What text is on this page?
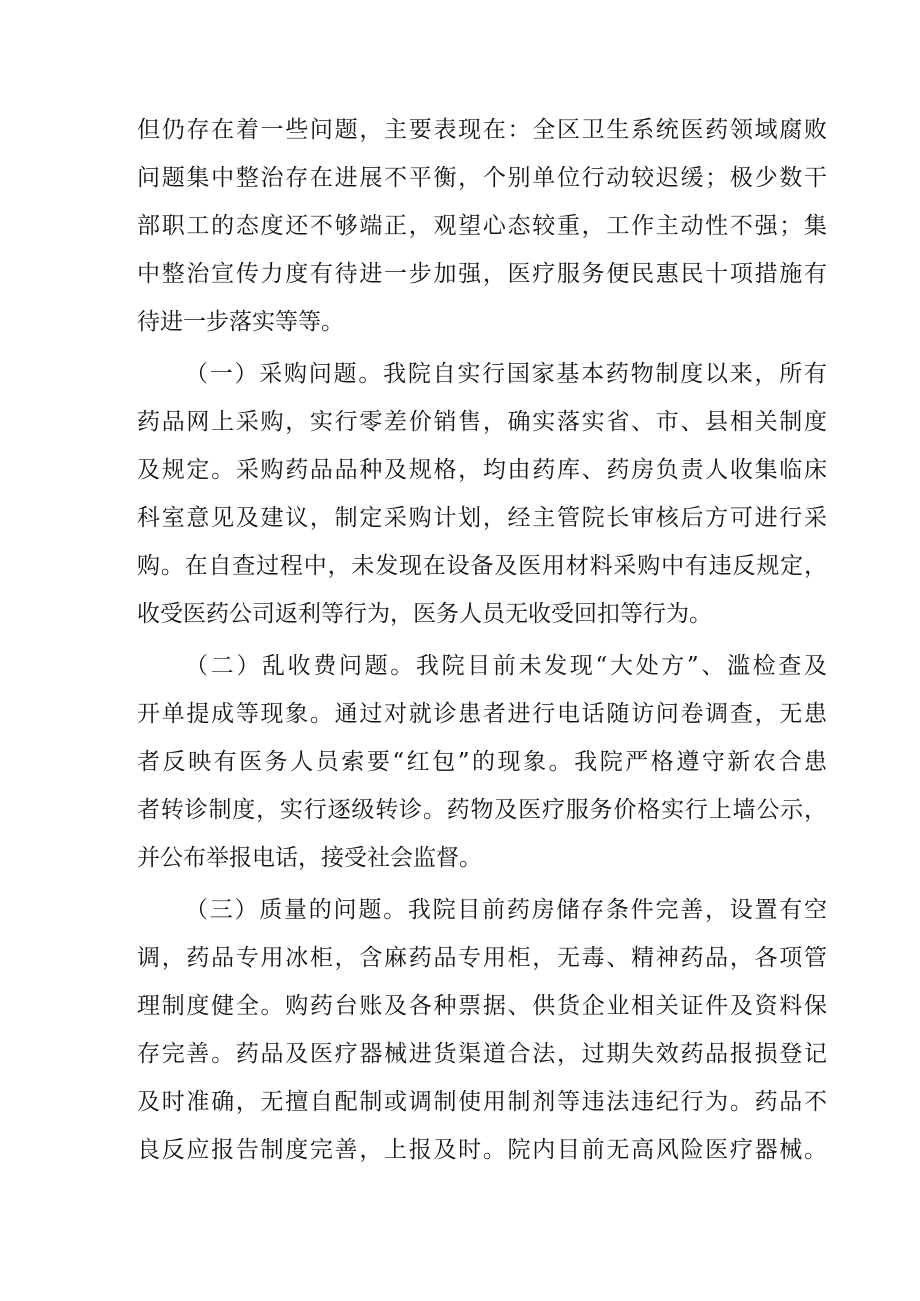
但仍存在着一些问题，主要表现在：全区卫生系统医药领域腐败
问题集中整治存在进展不平衡，个别单位行动较迟缓；极少数干
部职工的态度还不够端正，观望心态较重，工作主动性不强；集
中整治宣传力度有待进一步加强，医疗服务便民惠民十项措施有
待进一步落实等等。
（一）采购问题。我院自实行国家基本药物制度以来，所有
药品网上采购，实行零差价销售，确实落实省、市、县相关制度
及规定。采购药品品种及规格，均由药库、药房负责人收集临床
科室意见及建议，制定采购计划，经主管院长审核后方可进行采
购。在自查过程中，未发现在设备及医用材料采购中有违反规定，
收受医药公司返利等行为，医务人员无收受回扣等行为。
（二）乱收费问题。我院目前未发现“大处方”、滥检查及
开单提成等现象。通过对就诊患者进行电话随访问卷调查，无患
者反映有医务人员索要“红包”的现象。我院严格遵守新农合患
者转诊制度，实行逐级转诊。药物及医疗服务价格实行上墙公示，
并公布举报电话，接受社会监督。
（三）质量的问题。我院目前药房储存条件完善，设置有空
调，药品专用冰柜，含麻药品专用柜，无毒、精神药品，各项管
理制度健全。购药台账及各种票据、供货企业相关证件及资料保
存完善。药品及医疗器械进货渠道合法，过期失效药品报损登记
及时准确，无擅自配制或调制使用制剂等违法违纪行为。药品不
良反应报告制度完善，上报及时。院内目前无高风险医疗器械。
